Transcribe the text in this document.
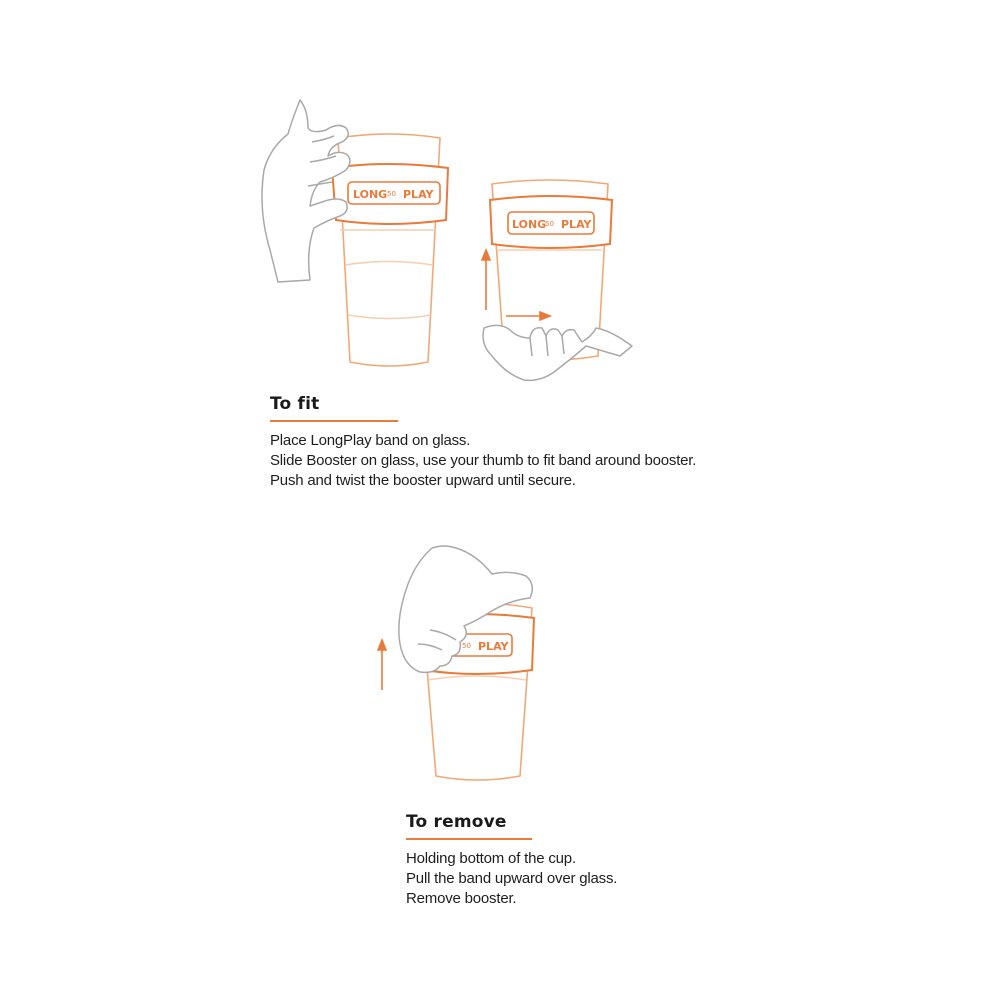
LONG 50 PLAY
LONG
50 PLAY
50 PLAY
To fit
Place LongPlay band on glass.
Slide Booster on glass, use your thumb to fit band around booster.
Push and twist the booster upward until secure.
To remove
Holding bottom of the cup.
Pull the band upward over glass.
Remove booster.
